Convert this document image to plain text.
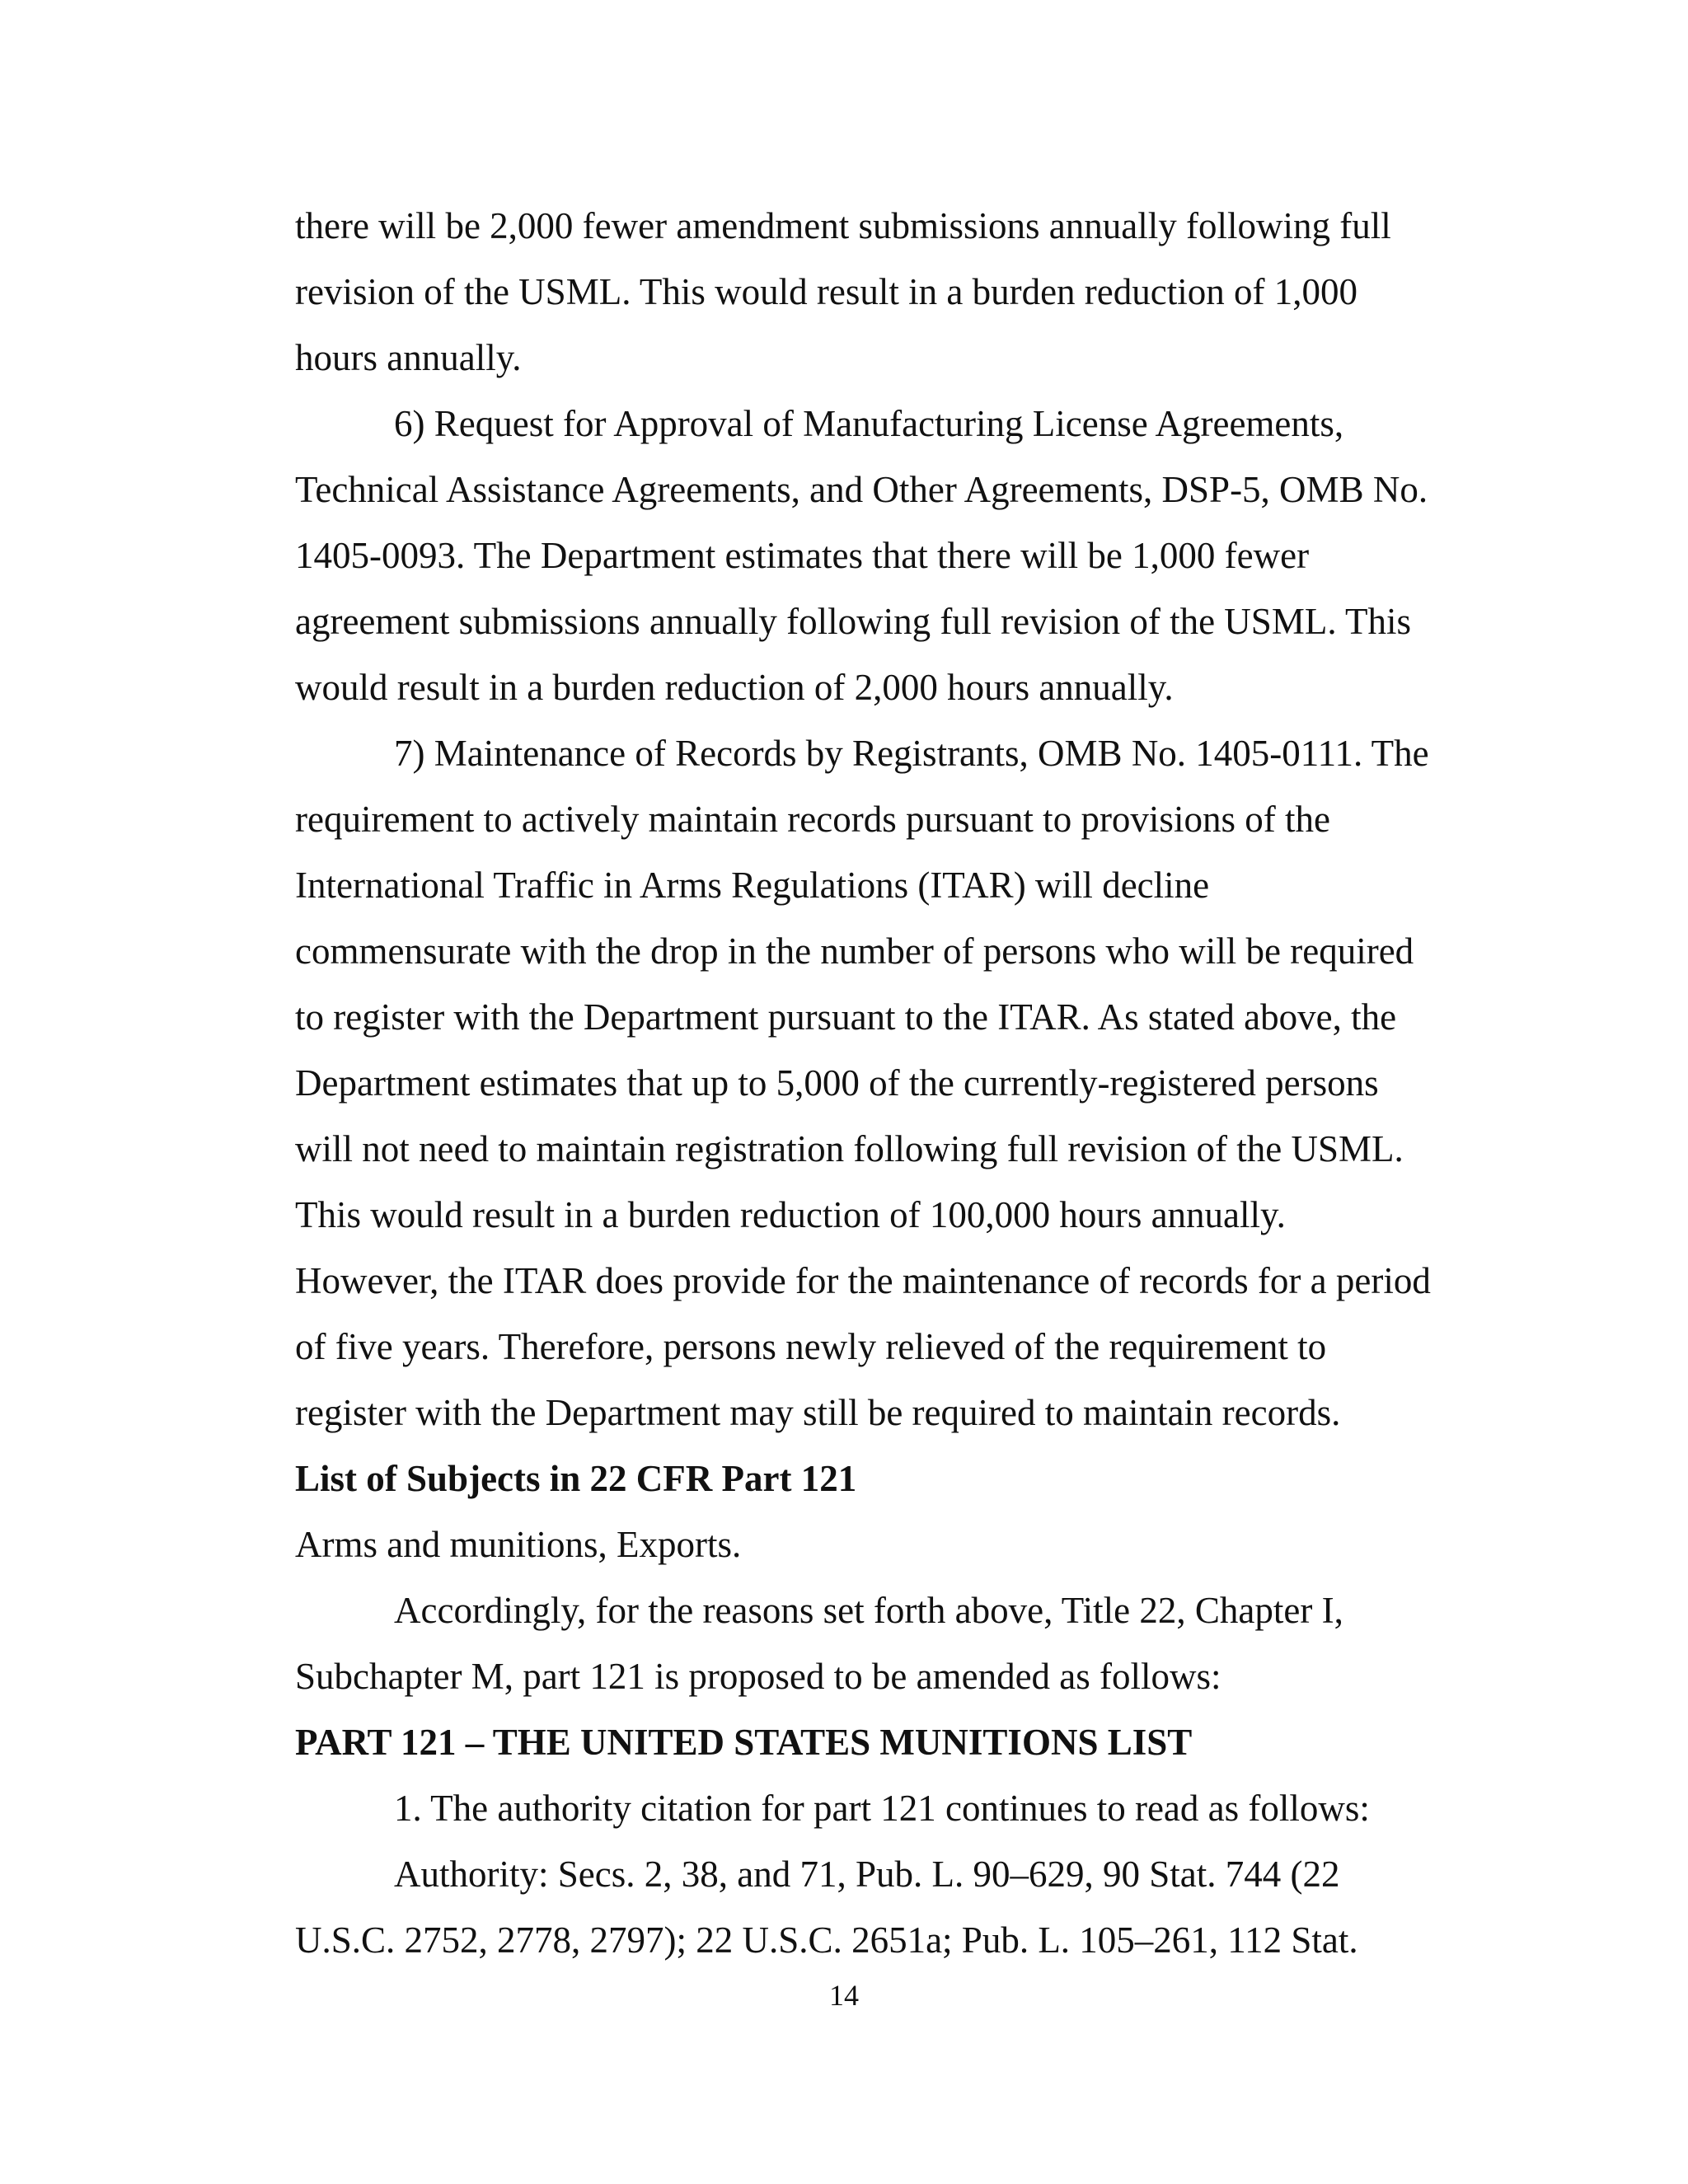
there will be 2,000 fewer amendment submissions annually following full
revision of the USML. This would result in a burden reduction of 1,000
hours annually.
6) Request for Approval of Manufacturing License Agreements,
Technical Assistance Agreements, and Other Agreements, DSP-5, OMB No.
1405-0093. The Department estimates that there will be 1,000 fewer
agreement submissions annually following full revision of the USML. This
would result in a burden reduction of 2,000 hours annually.
7) Maintenance of Records by Registrants, OMB No. 1405-0111. The
requirement to actively maintain records pursuant to provisions of the
International Traffic in Arms Regulations (ITAR) will decline
commensurate with the drop in the number of persons who will be required
to register with the Department pursuant to the ITAR. As stated above, the
Department estimates that up to 5,000 of the currently-registered persons
will not need to maintain registration following full revision of the USML.
This would result in a burden reduction of 100,000 hours annually.
However, the ITAR does provide for the maintenance of records for a period
of five years. Therefore, persons newly relieved of the requirement to
register with the Department may still be required to maintain records.
List of Subjects in 22 CFR Part 121
Arms and munitions, Exports.
Accordingly, for the reasons set forth above, Title 22, Chapter I,
Subchapter M, part 121 is proposed to be amended as follows:
PART 121 – THE UNITED STATES MUNITIONS LIST
1. The authority citation for part 121 continues to read as follows:
Authority: Secs. 2, 38, and 71, Pub. L. 90–629, 90 Stat. 744 (22
U.S.C. 2752, 2778, 2797); 22 U.S.C. 2651a; Pub. L. 105–261, 112 Stat.
14
